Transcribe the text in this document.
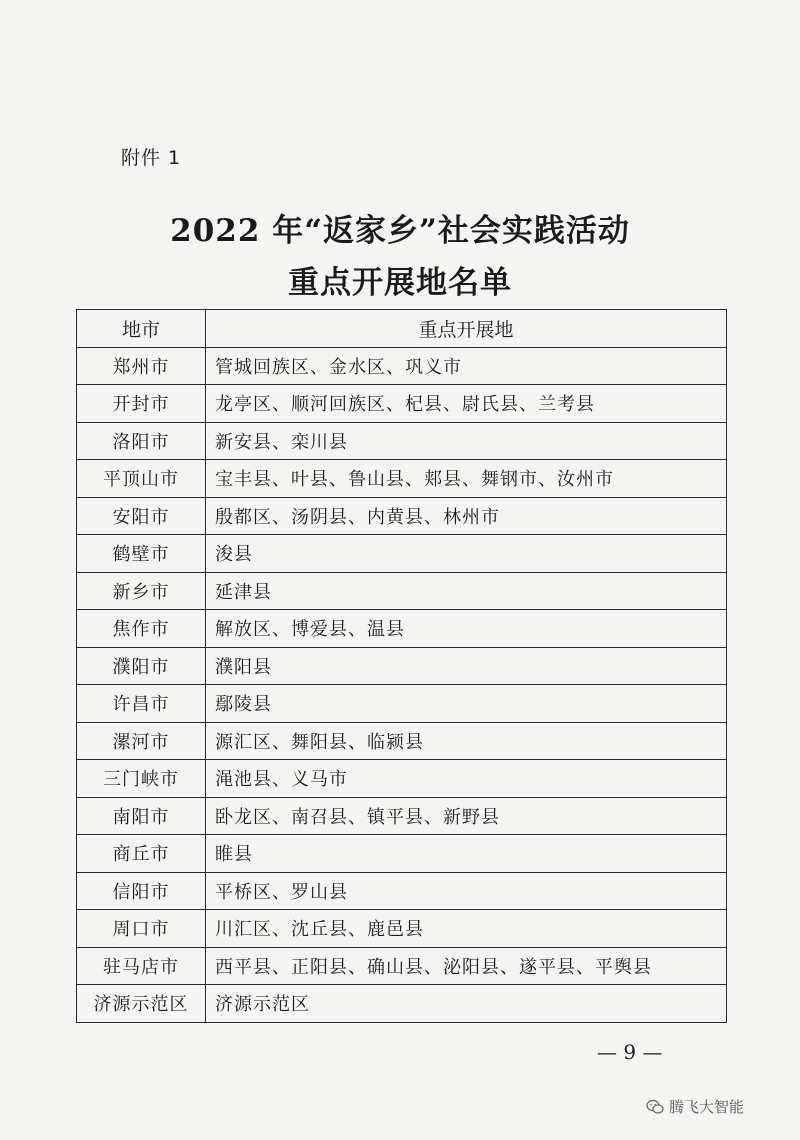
附件 1
2022 年“返家乡”社会实践活动
重点开展地名单
地市	重点开展地
郑州市	管城回族区、金水区、巩义市
开封市	龙亭区、顺河回族区、杞县、尉氏县、兰考县
洛阳市	新安县、栾川县
平顶山市	宝丰县、叶县、鲁山县、郏县、舞钢市、汝州市
安阳市	殷都区、汤阴县、内黄县、林州市
鹤壁市	浚县
新乡市	延津县
焦作市	解放区、博爱县、温县
濮阳市	濮阳县
许昌市	鄢陵县
漯河市	源汇区、舞阳县、临颍县
三门峡市	渑池县、义马市
南阳市	卧龙区、南召县、镇平县、新野县
商丘市	睢县
信阳市	平桥区、罗山县
周口市	川汇区、沈丘县、鹿邑县
驻马店市	西平县、正阳县、确山县、泌阳县、遂平县、平舆县
济源示范区	济源示范区
— 9 —
腾飞大智能
